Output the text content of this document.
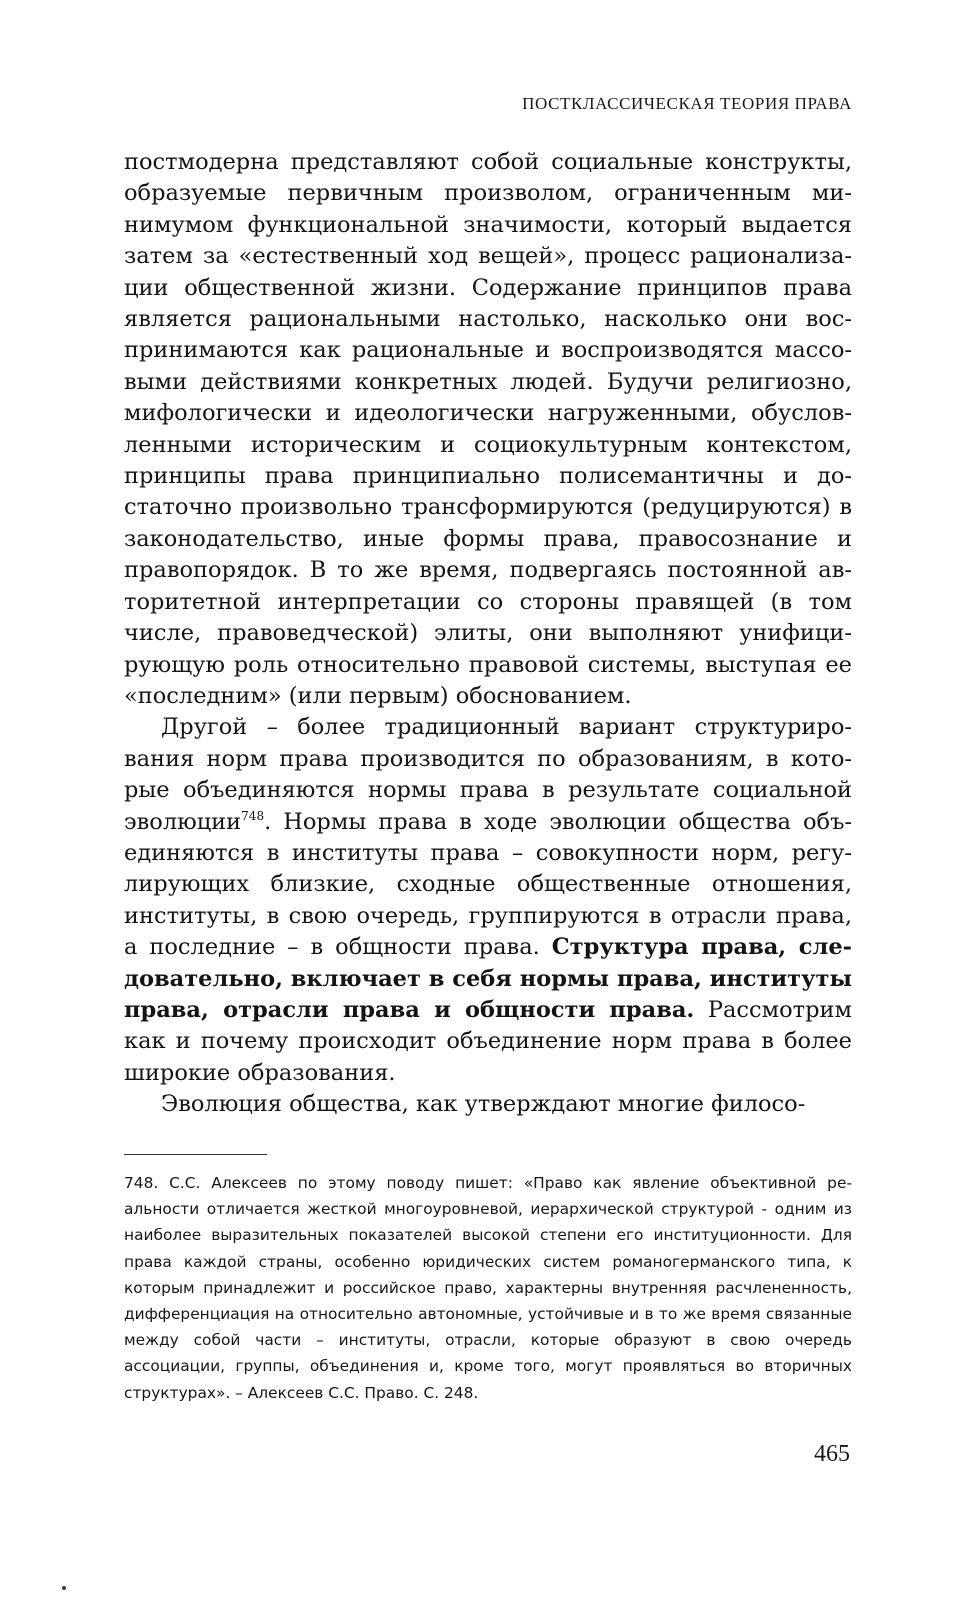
ПОСТКЛАССИЧЕСКАЯ ТЕОРИЯ ПРАВА

постмодерна представляют собой социальные конструкты, образуемые первичным произволом, ограниченным минимумом функциональной значимости, который выдается затем за «естественный ход вещей», процесс рационализации общественной жизни. Содержание принципов права является рациональными настолько, насколько они воспринимаются как рациональные и воспроизводятся массовыми действиями конкретных людей. Будучи религиозно, мифологически и идеологически нагруженными, обусловленными историческим и социокультурным контекстом, принципы права принципиально полисемантичны и достаточно произвольно трансформируются (редуцируются) в законодательство, иные формы права, правосознание и правопорядок. В то же время, подвергаясь постоянной авторитетной интерпретации со стороны правящей (в том числе, правоведческой) элиты, они выполняют унифицирующую роль относительно правовой системы, выступая ее «последним» (или первым) обоснованием.

Другой – более традиционный вариант структурирования норм права производится по образованиям, в которые объединяются нормы права в результате социальной эволюции$^{748}$. Нормы права в ходе эволюции общества объединяются в институты права – совокупности норм, регулирующих близкие, сходные общественные отношения, институты, в свою очередь, группируются в отрасли права, а последние – в общности права. Структура права, следовательно, включает в себя нормы права, институты права, отрасли права и общности права. Рассмотрим как и почему происходит объединение норм права в более широкие образования.

Эволюция общества, как утверждают многие филосо-

748. С.С. Алексеев по этому поводу пишет: «Право как явление объективной реальности отличается жесткой многоуровневой, иерархической структурой - одним из наиболее выразительных показателей высокой степени его институционности. Для права каждой страны, особенно юридических систем романогерманского типа, к которым принадлежит и российское право, характерны внутренняя расчлененность, дифференциация на относительно автономные, устойчивые и в то же время связанные между собой части – институты, отрасли, которые образуют в свою очередь ассоциации, группы, объединения и, кроме того, могут проявляться во вторичных структурах». – Алексеев С.С. Право. С. 248.

465
